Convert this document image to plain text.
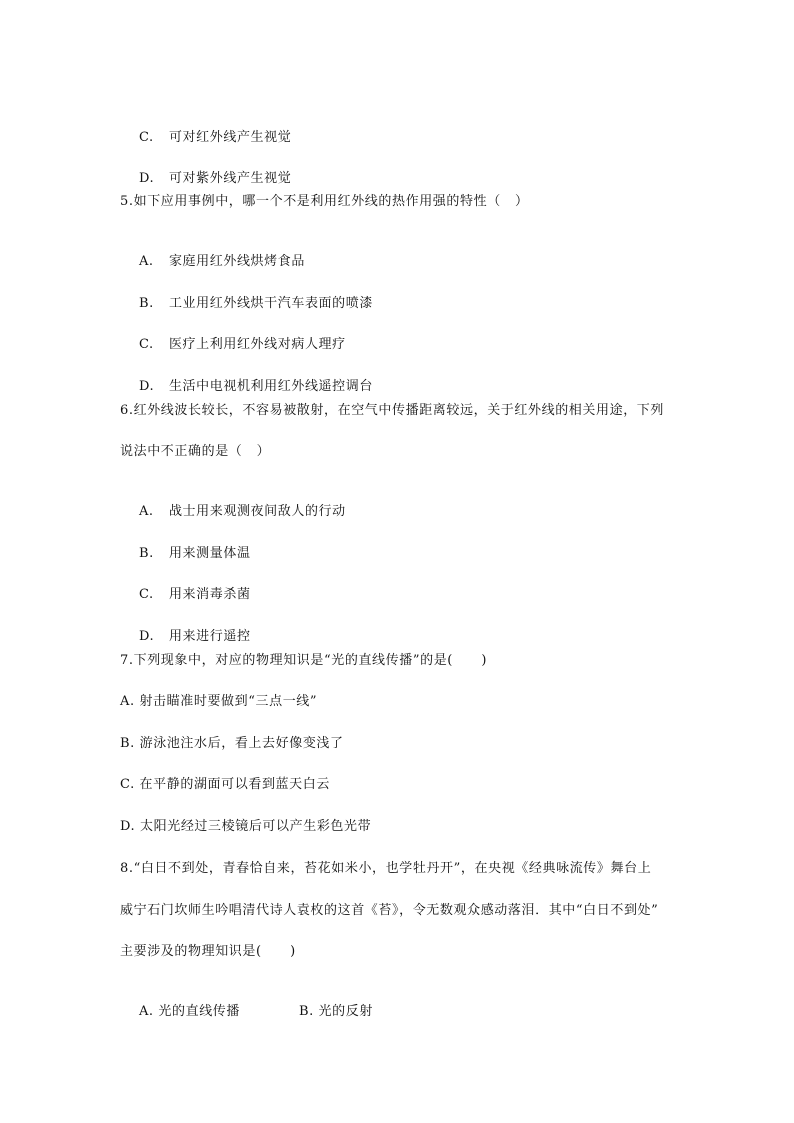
C. 可对红外线产生视觉

D. 可对紫外线产生视觉

5.如下应用事例中，哪一个不是利用红外线的热作用强的特性（   ）

A. 家庭用红外线烘烤食品

B. 工业用红外线烘干汽车表面的喷漆

C. 医疗上利用红外线对病人理疗

D. 生活中电视机利用红外线遥控调台

6.红外线波长较长，不容易被散射，在空气中传播距离较远，关于红外线的相关用途，下列
说法中不正确的是（   ）

A. 战士用来观测夜间敌人的行动

B. 用来测量体温

C. 用来消毒杀菌

D. 用来进行遥控

7.下列现象中，对应的物理知识是“光的直线传播”的是(      )
A. 射击瞄准时要做到“三点一线”
B. 游泳池注水后，看上去好像变浅了
C. 在平静的湖面可以看到蓝天白云
D. 太阳光经过三棱镜后可以产生彩色光带
8.“白日不到处，青春恰自来，苔花如米小，也学牡丹开”，在央视《经典咏流传》舞台上
威宁石门坎师生吟唱清代诗人袁枚的这首《苔》，令无数观众感动落泪．其中“白日不到处”
主要涉及的物理知识是(      )

A. 光的直线传播	B. 光的反射
